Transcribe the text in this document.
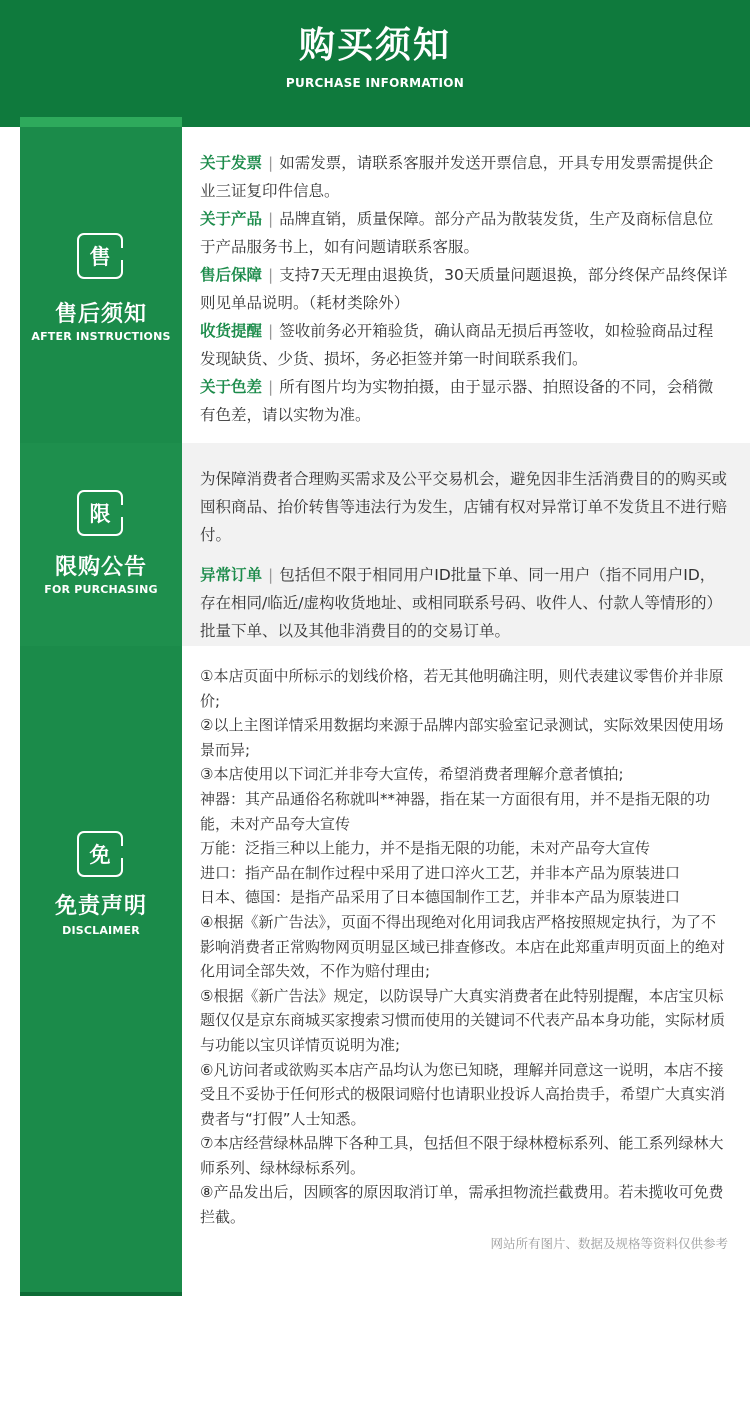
购买须知
PURCHASE INFORMATION
售
售后须知
AFTER INSTRUCTIONS
限
限购公告
FOR PURCHASING
免
免责声明
DISCLAIMER

关于发票 | 如需发票，请联系客服并发送开票信息，开具专用发票需提供企业三证复印件信息。

关于产品 | 品牌直销，质量保障。部分产品为散装发货，生产及商标信息位于产品服务书上，如有问题请联系客服。

售后保障 | 支持7天无理由退换货，30天质量问题退换，部分终保产品终保详则见单品说明。（耗材类除外）

收货提醒 | 签收前务必开箱验货，确认商品无损后再签收，如检验商品过程发现缺货、少货、损坏，务必拒签并第一时间联系我们。

关于色差 | 所有图片均为实物拍摄，由于显示器、拍照设备的不同，会稍微有色差，请以实物为准。

为保障消费者合理购买需求及公平交易机会，避免因非生活消费目的的购买或囤积商品、抬价转售等违法行为发生，店铺有权对异常订单不发货且不进行赔付。

异常订单 | 包括但不限于相同用户ID批量下单、同一用户（指不同用户ID，存在相同/临近/虚构收货地址、或相同联系号码、收件人、付款人等情形的）批量下单、以及其他非消费目的的交易订单。

①本店页面中所标示的划线价格，若无其他明确注明，则代表建议零售价并非原价;

②以上主图详情采用数据均来源于品牌内部实验室记录测试，实际效果因使用场景而异;

③本店使用以下词汇并非夸大宣传，希望消费者理解介意者慎拍;

神器：其产品通俗名称就叫**神器，指在某一方面很有用，并不是指无限的功能，未对产品夸大宣传

万能：泛指三种以上能力，并不是指无限的功能，未对产品夸大宣传

进口：指产品在制作过程中采用了进口淬火工艺，并非本产品为原装进口

日本、德国：是指产品采用了日本德国制作工艺，并非本产品为原装进口

④根据《新广告法》，页面不得出现绝对化用词我店严格按照规定执行，为了不影响消费者正常购物网页明显区域已排查修改。本店在此郑重声明页面上的绝对化用词全部失效，不作为赔付理由;

⑤根据《新广告法》规定，以防误导广大真实消费者在此特别提醒，本店宝贝标题仅仅是京东商城买家搜索习惯而使用的关键词不代表产品本身功能，实际材质与功能以宝贝详情页说明为准;

⑥凡访问者或欲购买本店产品均认为您已知晓，理解并同意这一说明，本店不接受且不妥协于任何形式的极限词赔付也请职业投诉人高抬贵手，希望广大真实消费者与“打假”人士知悉。

⑦本店经营绿林品牌下各种工具，包括但不限于绿林橙标系列、能工系列绿林大师系列、绿林绿标系列。

⑧产品发出后，因顾客的原因取消订单，需承担物流拦截费用。若未揽收可免费拦截。

网站所有图片、数据及规格等资料仅供参考
